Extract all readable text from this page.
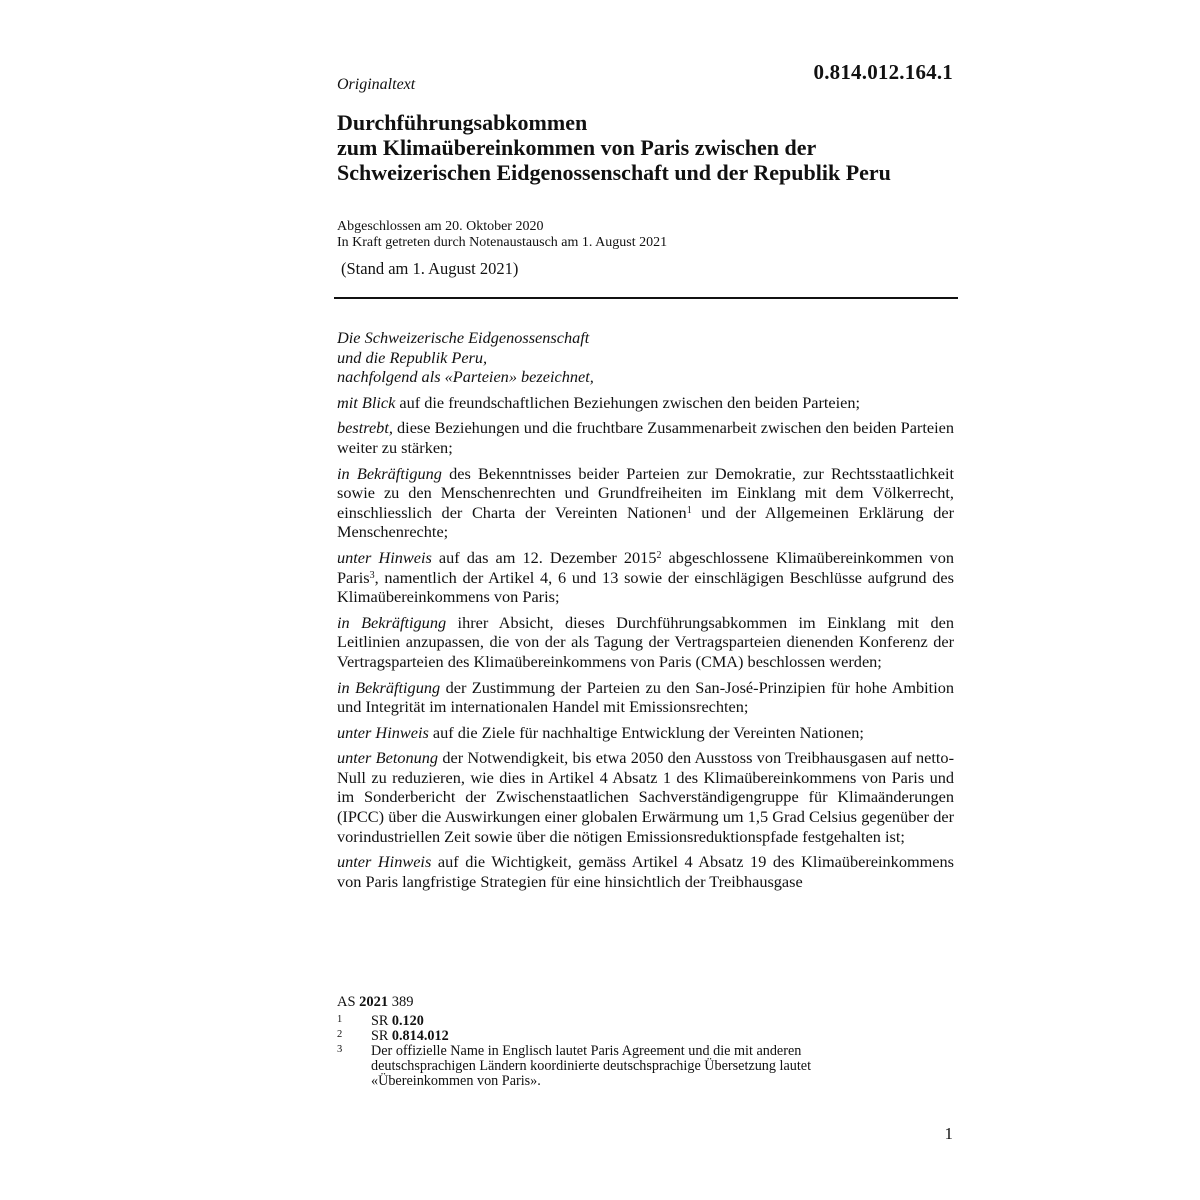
0.814.012.164.1
Originaltext
Durchführungsabkommen
zum Klimaübereinkommen von Paris zwischen der
Schweizerischen Eidgenossenschaft und der Republik Peru
Abgeschlossen am 20. Oktober 2020
In Kraft getreten durch Notenaustausch am 1. August 2021
(Stand am 1. August 2021)
Die Schweizerische Eidgenossenschaft
und die Republik Peru,
nachfolgend als «Parteien» bezeichnet,

mit Blick auf die freundschaftlichen Beziehungen zwischen den beiden Parteien;

bestrebt, diese Beziehungen und die fruchtbare Zusammenarbeit zwischen den beiden Parteien weiter zu stärken;

in Bekräftigung des Bekenntnisses beider Parteien zur Demokratie, zur Rechtsstaatlichkeit sowie zu den Menschenrechten und Grundfreiheiten im Einklang mit dem Völkerrecht, einschliesslich der Charta der Vereinten Nationen$^1$ und der Allgemeinen Erklärung der Menschenrechte;

unter Hinweis auf das am 12. Dezember 2015$^2$ abgeschlossene Klimaübereinkommen von Paris$^3$, namentlich der Artikel 4, 6 und 13 sowie der einschlägigen Beschlüsse aufgrund des Klimaübereinkommens von Paris;

in Bekräftigung ihrer Absicht, dieses Durchführungsabkommen im Einklang mit den Leitlinien anzupassen, die von der als Tagung der Vertragsparteien dienenden Konferenz der Vertragsparteien des Klimaübereinkommens von Paris (CMA) beschlossen werden;

in Bekräftigung der Zustimmung der Parteien zu den San-José-Prinzipien für hohe Ambition und Integrität im internationalen Handel mit Emissionsrechten;

unter Hinweis auf die Ziele für nachhaltige Entwicklung der Vereinten Nationen;

unter Betonung der Notwendigkeit, bis etwa 2050 den Ausstoss von Treibhausgasen auf netto-Null zu reduzieren, wie dies in Artikel 4 Absatz 1 des Klimaübereinkommens von Paris und im Sonderbericht der Zwischenstaatlichen Sachverständigengruppe für Klimaänderungen (IPCC) über die Auswirkungen einer globalen Erwärmung um 1,5 Grad Celsius gegenüber der vorindustriellen Zeit sowie über die nötigen Emissionsreduktionspfade festgehalten ist;

unter Hinweis auf die Wichtigkeit, gemäss Artikel 4 Absatz 19 des Klimaübereinkommens von Paris langfristige Strategien für eine hinsichtlich der Treibhausgase

AS 2021 389
1	SR 0.120
2	SR 0.814.012
3	Der offizielle Name in Englisch lautet Paris Agreement und die mit anderen deutschsprachigen Ländern koordinierte deutschsprachige Übersetzung lautet «Übereinkommen von Paris».
1
